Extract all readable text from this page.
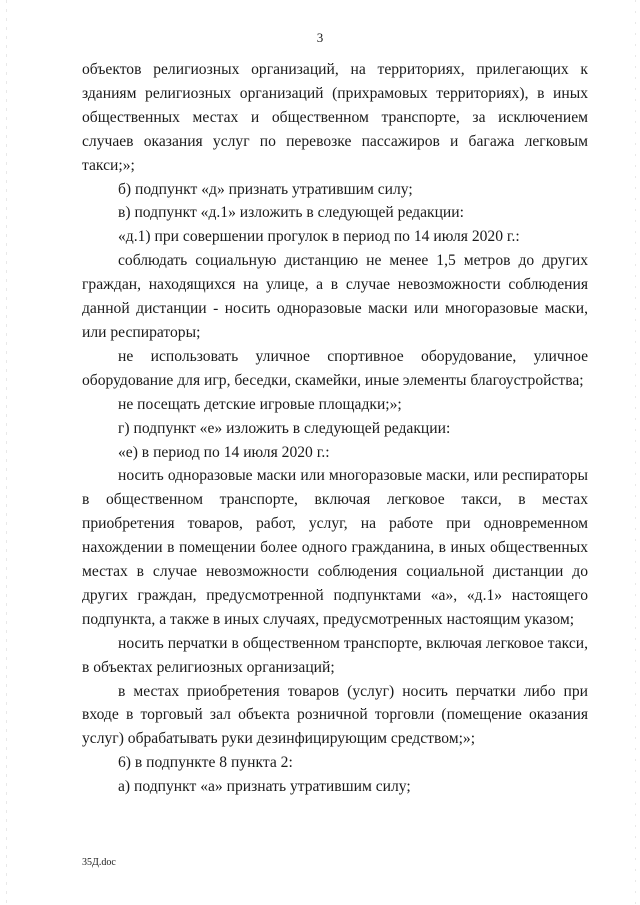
3

объектов религиозных организаций, на территориях, прилегающих к зданиям религиозных организаций (прихрамовых территориях), в иных общественных местах и общественном транспорте, за исключением случаев оказания услуг по перевозке пассажиров и багажа легковым такси;»;

б) подпункт «д» признать утратившим силу;

в) подпункт «д.1» изложить в следующей редакции:

«д.1) при совершении прогулок в период по 14 июля 2020 г.:

соблюдать социальную дистанцию не менее 1,5 метров до других граждан, находящихся на улице, а в случае невозможности соблюдения данной дистанции - носить одноразовые маски или многоразовые маски, или респираторы;

не использовать уличное спортивное оборудование, уличное оборудование для игр, беседки, скамейки, иные элементы благоустройства;

не посещать детские игровые площадки;»;

г) подпункт «е» изложить в следующей редакции:

«е) в период по 14 июля 2020 г.:

носить одноразовые маски или многоразовые маски, или респираторы в общественном транспорте, включая легковое такси, в местах приобретения товаров, работ, услуг, на работе при одновременном нахождении в помещении более одного гражданина, в иных общественных местах в случае невозможности соблюдения социальной дистанции до других граждан, предусмотренной подпунктами «а», «д.1» настоящего подпункта, а также в иных случаях, предусмотренных настоящим указом;

носить перчатки в общественном транспорте, включая легковое такси, в объектах религиозных организаций;

в местах приобретения товаров (услуг) носить перчатки либо при входе в торговый зал объекта розничной торговли (помещение оказания услуг) обрабатывать руки дезинфицирующим средством;»;

6) в подпункте 8 пункта 2:

а) подпункт «а» признать утратившим силу;

35Д.doc
